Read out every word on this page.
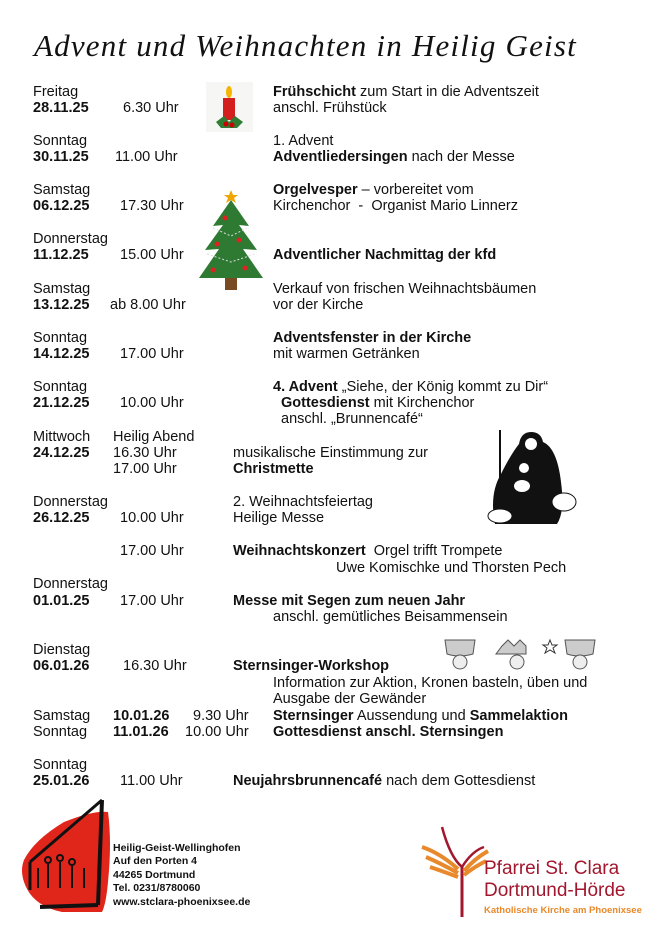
Advent und Weihnachten in Heilig Geist
Freitag
28.11.25 6.30 Uhr
Frühschicht zum Start in die Adventszeit
anschl. Frühstück
Sonntag
30.11.25 11.00 Uhr
1. Advent
Adventliedersingen nach der Messe
Samstag
06.12.25 17.30 Uhr
Orgelvesper – vorbereitet vom
Kirchenchor  -  Organist Mario Linnerz
Donnerstag
11.12.25 15.00 Uhr	Adventlicher Nachmittag der kfd
Samstag
13.12.25 ab 8.00 Uhr
Verkauf von frischen Weihnachtsbäumen
vor der Kirche
Sonntag
14.12.25 17.00 Uhr
Adventsfenster in der Kirche
mit warmen Getränken
Sonntag
21.12.25 10.00 Uhr
4. Advent „Siehe, der König kommt zu Dir“
Gottesdienst mit Kirchenchor
anschl. „Brunnencafé“
Mittwoch Heilig Abend
24.12.25 16.30 Uhr	musikalische Einstimmung zur
17.00 Uhr	Christmette
Donnerstag
26.12.25 10.00 Uhr
2. Weihnachtsfeiertag
Heilige Messe
17.00 Uhr	Weihnachtskonzert  Orgel trifft Trompete
Uwe Komischke und Thorsten Pech
Donnerstag
01.01.25 17.00 Uhr	Messe mit Segen zum neuen Jahr
anschl. gemütliches Beisammensein
Dienstag
06.01.26 16.30 Uhr	Sternsinger-Workshop
Information zur Aktion, Kronen basteln, üben und
Ausgabe der Gewänder
Samstag 10.01.26 9.30 Uhr Sternsinger Aussendung und Sammelaktion
Sonntag 11.01.26 10.00 Uhr Gottesdienst anschl. Sternsingen
Sonntag
25.01.26 11.00 Uhr	Neujahrsbrunnencafé nach dem Gottesdienst
Heilig-Geist-Wellinghofen
Auf den Porten 4
44265 Dortmund
Tel. 0231/8780060
www.stclara-phoenixsee.de
Pfarrei St. Clara
Dortmund-Hörde
Katholische Kirche am Phoenixsee
